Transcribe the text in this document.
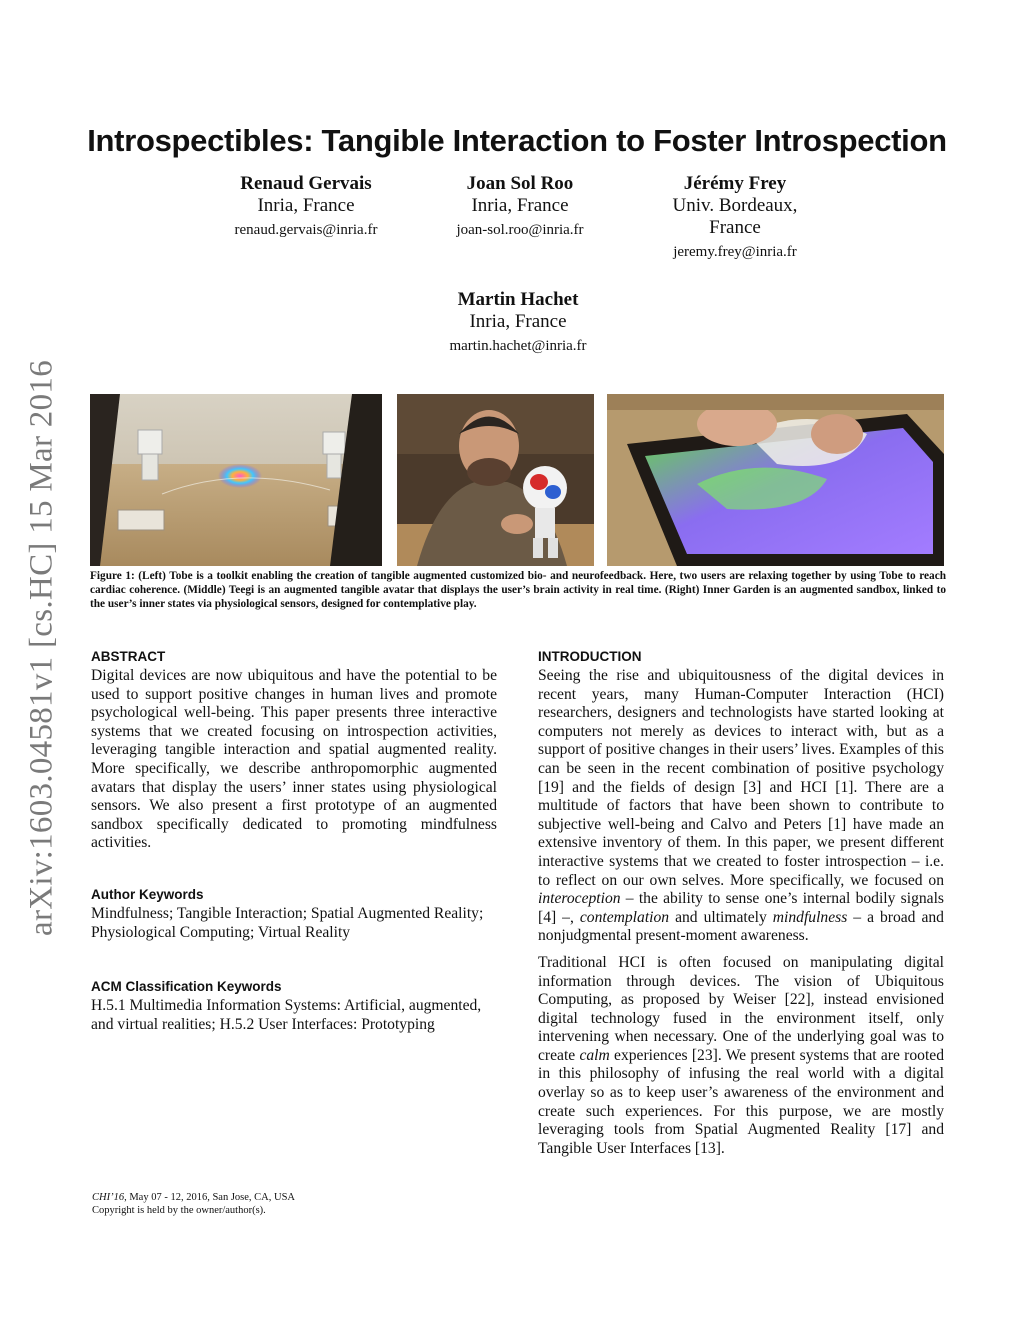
arXiv:1603.04581v1 [cs.HC] 15 Mar 2016
Introspectibles: Tangible Interaction to Foster Introspection
Renaud Gervais
Inria, France
renaud.gervais@inria.fr
Joan Sol Roo
Inria, France
joan-sol.roo@inria.fr
Jérémy Frey
Univ. Bordeaux,
France
jeremy.frey@inria.fr
Martin Hachet
Inria, France
martin.hachet@inria.fr
Figure 1: (Left) Tobe is a toolkit enabling the creation of tangible augmented customized bio- and neurofeedback. Here, two users are relaxing together by using Tobe to reach cardiac coherence. (Middle) Teegi is an augmented tangible avatar that displays the user’s brain activity in real time. (Right) Inner Garden is an augmented sandbox, linked to the user’s inner states via physiological sensors, designed for contemplative play.
ABSTRACT

Digital devices are now ubiquitous and have the potential to be used to support positive changes in human lives and promote psychological well-being. This paper presents three interactive systems that we created focusing on introspection activities, leveraging tangible interaction and spatial augmented reality. More specifically, we describe anthropomorphic augmented avatars that display the users’ inner states using physiological sensors. We also present a first prototype of an augmented sandbox specifically dedicated to promoting mindfulness activities.

Author Keywords

Mindfulness; Tangible Interaction; Spatial Augmented Reality; Physiological Computing; Virtual Reality

ACM Classification Keywords

H.5.1 Multimedia Information Systems: Artificial, augmented, and virtual realities; H.5.2 User Interfaces: Prototyping

INTRODUCTION

Seeing the rise and ubiquitousness of the digital devices in recent years, many Human-Computer Interaction (HCI) researchers, designers and technologists have started looking at computers not merely as devices to interact with, but as a support of positive changes in their users’ lives. Examples of this can be seen in the recent combination of positive psychology [19] and the fields of design [3] and HCI [1]. There are a multitude of factors that have been shown to contribute to subjective well-being and Calvo and Peters [1] have made an extensive inventory of them. In this paper, we present different interactive systems that we created to foster introspection – i.e. to reflect on our own selves. More specifically, we focused on interoception – the ability to sense one’s internal bodily signals [4] –, contemplation and ultimately mindfulness – a broad and nonjudgmental present-moment awareness.

Traditional HCI is often focused on manipulating digital information through devices. The vision of Ubiquitous Computing, as proposed by Weiser [22], instead envisioned digital technology fused in the environment itself, only intervening when necessary. One of the underlying goal was to create calm experiences [23]. We present systems that are rooted in this philosophy of infusing the real world with a digital overlay so as to keep user’s awareness of the environment and create such experiences. For this purpose, we are mostly leveraging tools from Spatial Augmented Reality [17] and Tangible User Interfaces [13].

CHI’16, May 07 - 12, 2016, San Jose, CA, USA
Copyright is held by the owner/author(s).
